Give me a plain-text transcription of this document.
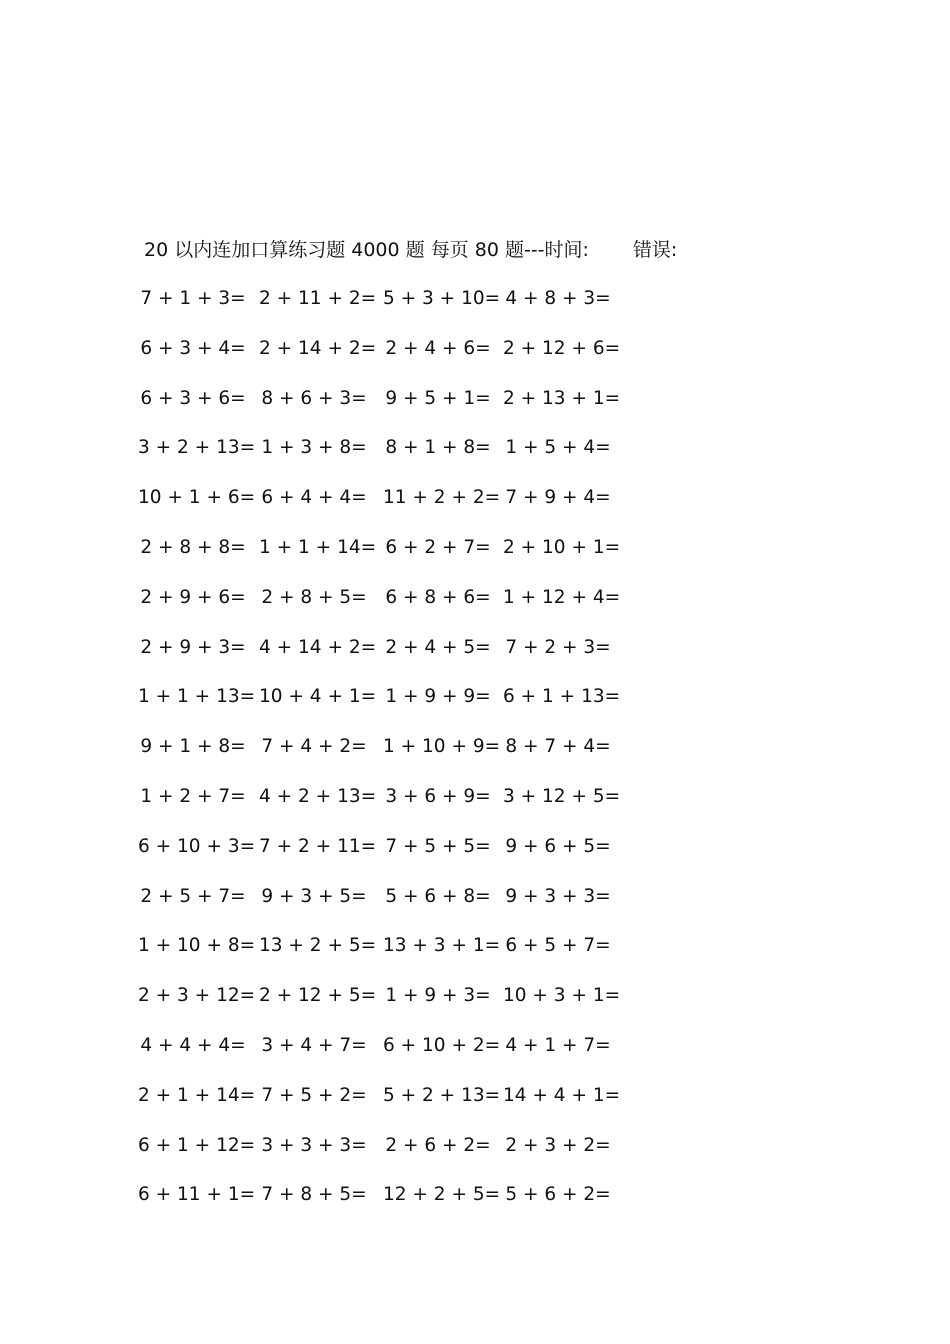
20 以内连加口算练习题 4000 题 每页 80 题--- 时间: 错误:
7 + 1 + 3= 2 + 11 + 2= 5 + 3 + 10= 4 + 8 + 3=
6 + 3 + 4= 2 + 14 + 2= 2 + 4 + 6= 2 + 12 + 6=
6 + 3 + 6= 8 + 6 + 3= 9 + 5 + 1= 2 + 13 + 1=
3 + 2 + 13= 1 + 3 + 8= 8 + 1 + 8= 1 + 5 + 4=
10 + 1 + 6= 6 + 4 + 4= 11 + 2 + 2= 7 + 9 + 4=
2 + 8 + 8= 1 + 1 + 14= 6 + 2 + 7= 2 + 10 + 1=
2 + 9 + 6= 2 + 8 + 5= 6 + 8 + 6= 1 + 12 + 4=
2 + 9 + 3= 4 + 14 + 2= 2 + 4 + 5= 7 + 2 + 3=
1 + 1 + 13= 10 + 4 + 1= 1 + 9 + 9= 6 + 1 + 13=
9 + 1 + 8= 7 + 4 + 2= 1 + 10 + 9= 8 + 7 + 4=
1 + 2 + 7= 4 + 2 + 13= 3 + 6 + 9= 3 + 12 + 5=
6 + 10 + 3= 7 + 2 + 11= 7 + 5 + 5= 9 + 6 + 5=
2 + 5 + 7= 9 + 3 + 5= 5 + 6 + 8= 9 + 3 + 3=
1 + 10 + 8= 13 + 2 + 5= 13 + 3 + 1= 6 + 5 + 7=
2 + 3 + 12= 2 + 12 + 5= 1 + 9 + 3= 10 + 3 + 1=
4 + 4 + 4= 3 + 4 + 7= 6 + 10 + 2= 4 + 1 + 7=
2 + 1 + 14= 7 + 5 + 2= 5 + 2 + 13= 14 + 4 + 1=
6 + 1 + 12= 3 + 3 + 3= 2 + 6 + 2= 2 + 3 + 2=
6 + 11 + 1= 7 + 8 + 5= 12 + 2 + 5= 5 + 6 + 2=
